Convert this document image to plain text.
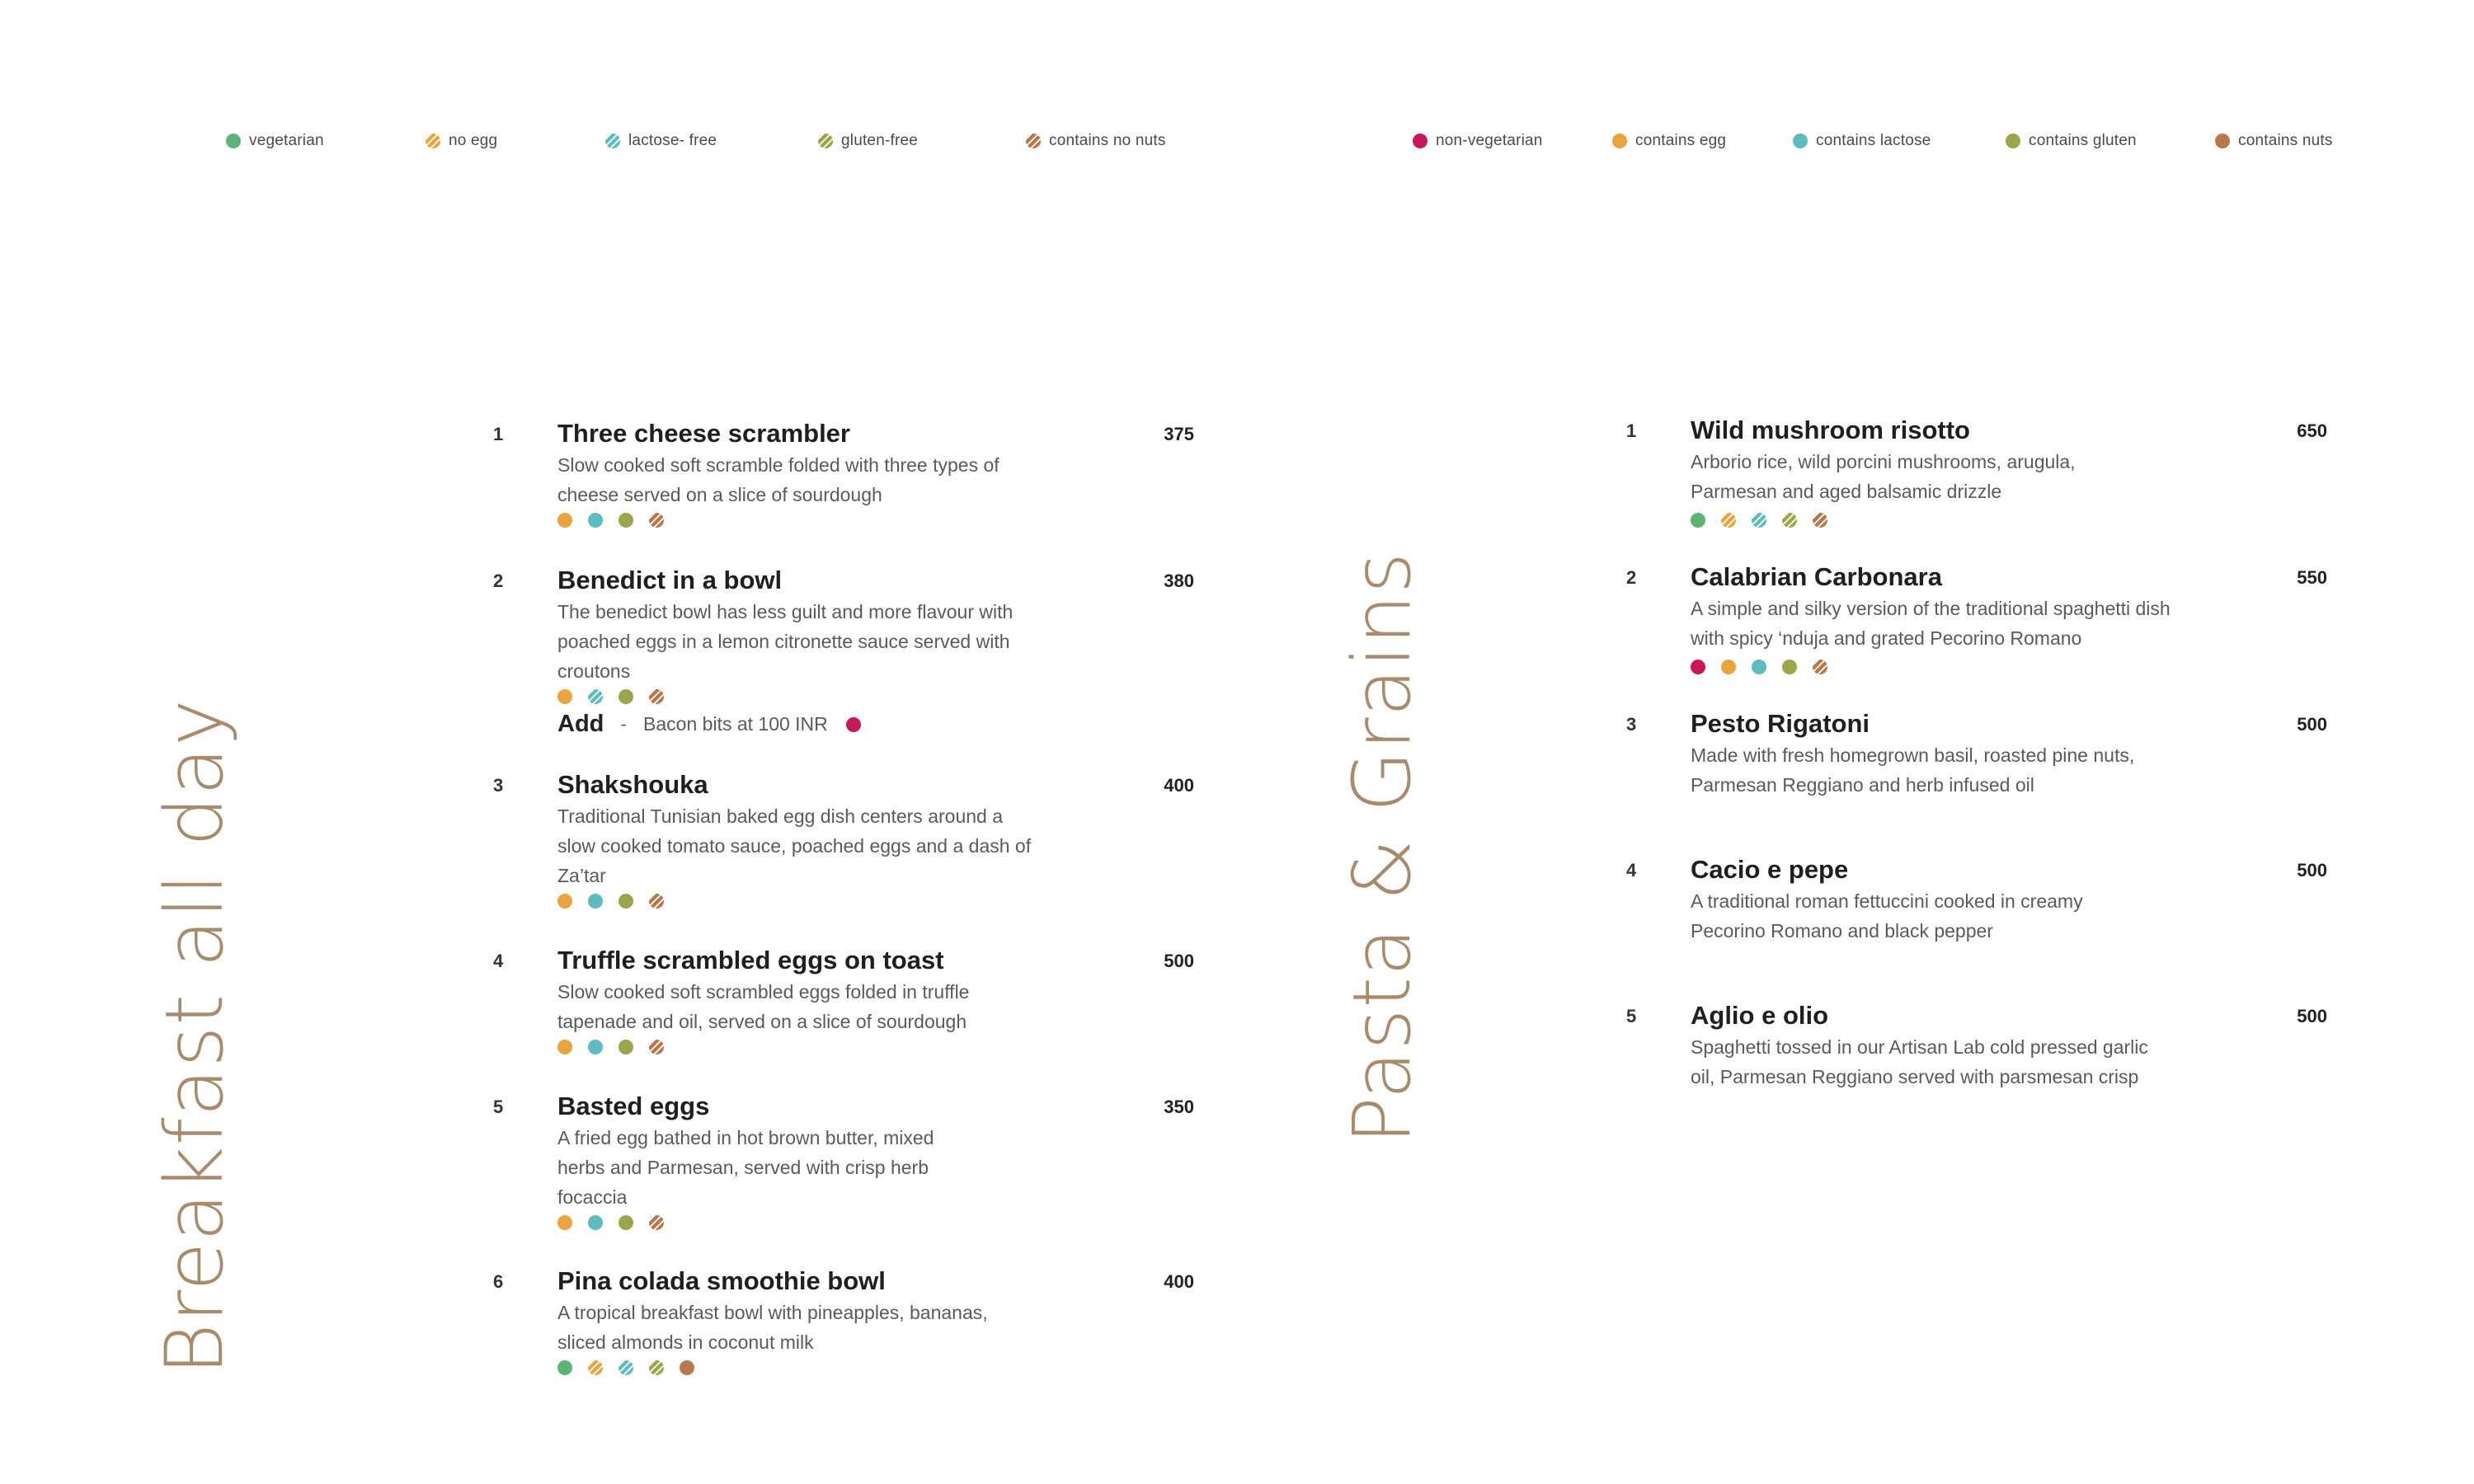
vegetarian	no egg	lactose- free	gluten-free	contains no nuts	non-vegetarian	contains egg	contains lactose	contains gluten	contains nuts
Breakfast all day	Pasta & Grains
1 Three cheese scrambler	375
Slow cooked soft scramble folded with three types of cheese served on a slice of sourdough
2 Benedict in a bowl	380
The benedict bowl has less guilt and more flavour with poached eggs in a lemon citronette sauce served with croutons
Add - Bacon bits at 100 INR
3 Shakshouka	400
Traditional Tunisian baked egg dish centers around a slow cooked tomato sauce, poached eggs and a dash of Za’tar
4 Truffle scrambled eggs on toast	500
Slow cooked soft scrambled eggs folded in truffle tapenade and oil, served on a slice of sourdough
5 Basted eggs	350
A fried egg bathed in hot brown butter, mixed herbs and Parmesan, served with crisp herb focaccia
6 Pina colada smoothie bowl	400
A tropical breakfast bowl with pineapples, bananas, sliced almonds in coconut milk
1 Wild mushroom risotto	650
Arborio rice, wild porcini mushrooms, arugula, Parmesan and aged balsamic drizzle
2 Calabrian Carbonara	550
A simple and silky version of the traditional spaghetti dish with spicy ‘nduja and grated Pecorino Romano
3 Pesto Rigatoni	500
Made with fresh homegrown basil, roasted pine nuts, Parmesan Reggiano and herb infused oil
4 Cacio e pepe	500
A traditional roman fettuccini cooked in creamy Pecorino Romano and black pepper
5 Aglio e olio	500
Spaghetti tossed in our Artisan Lab cold pressed garlic oil, Parmesan Reggiano served with parsmesan crisp
